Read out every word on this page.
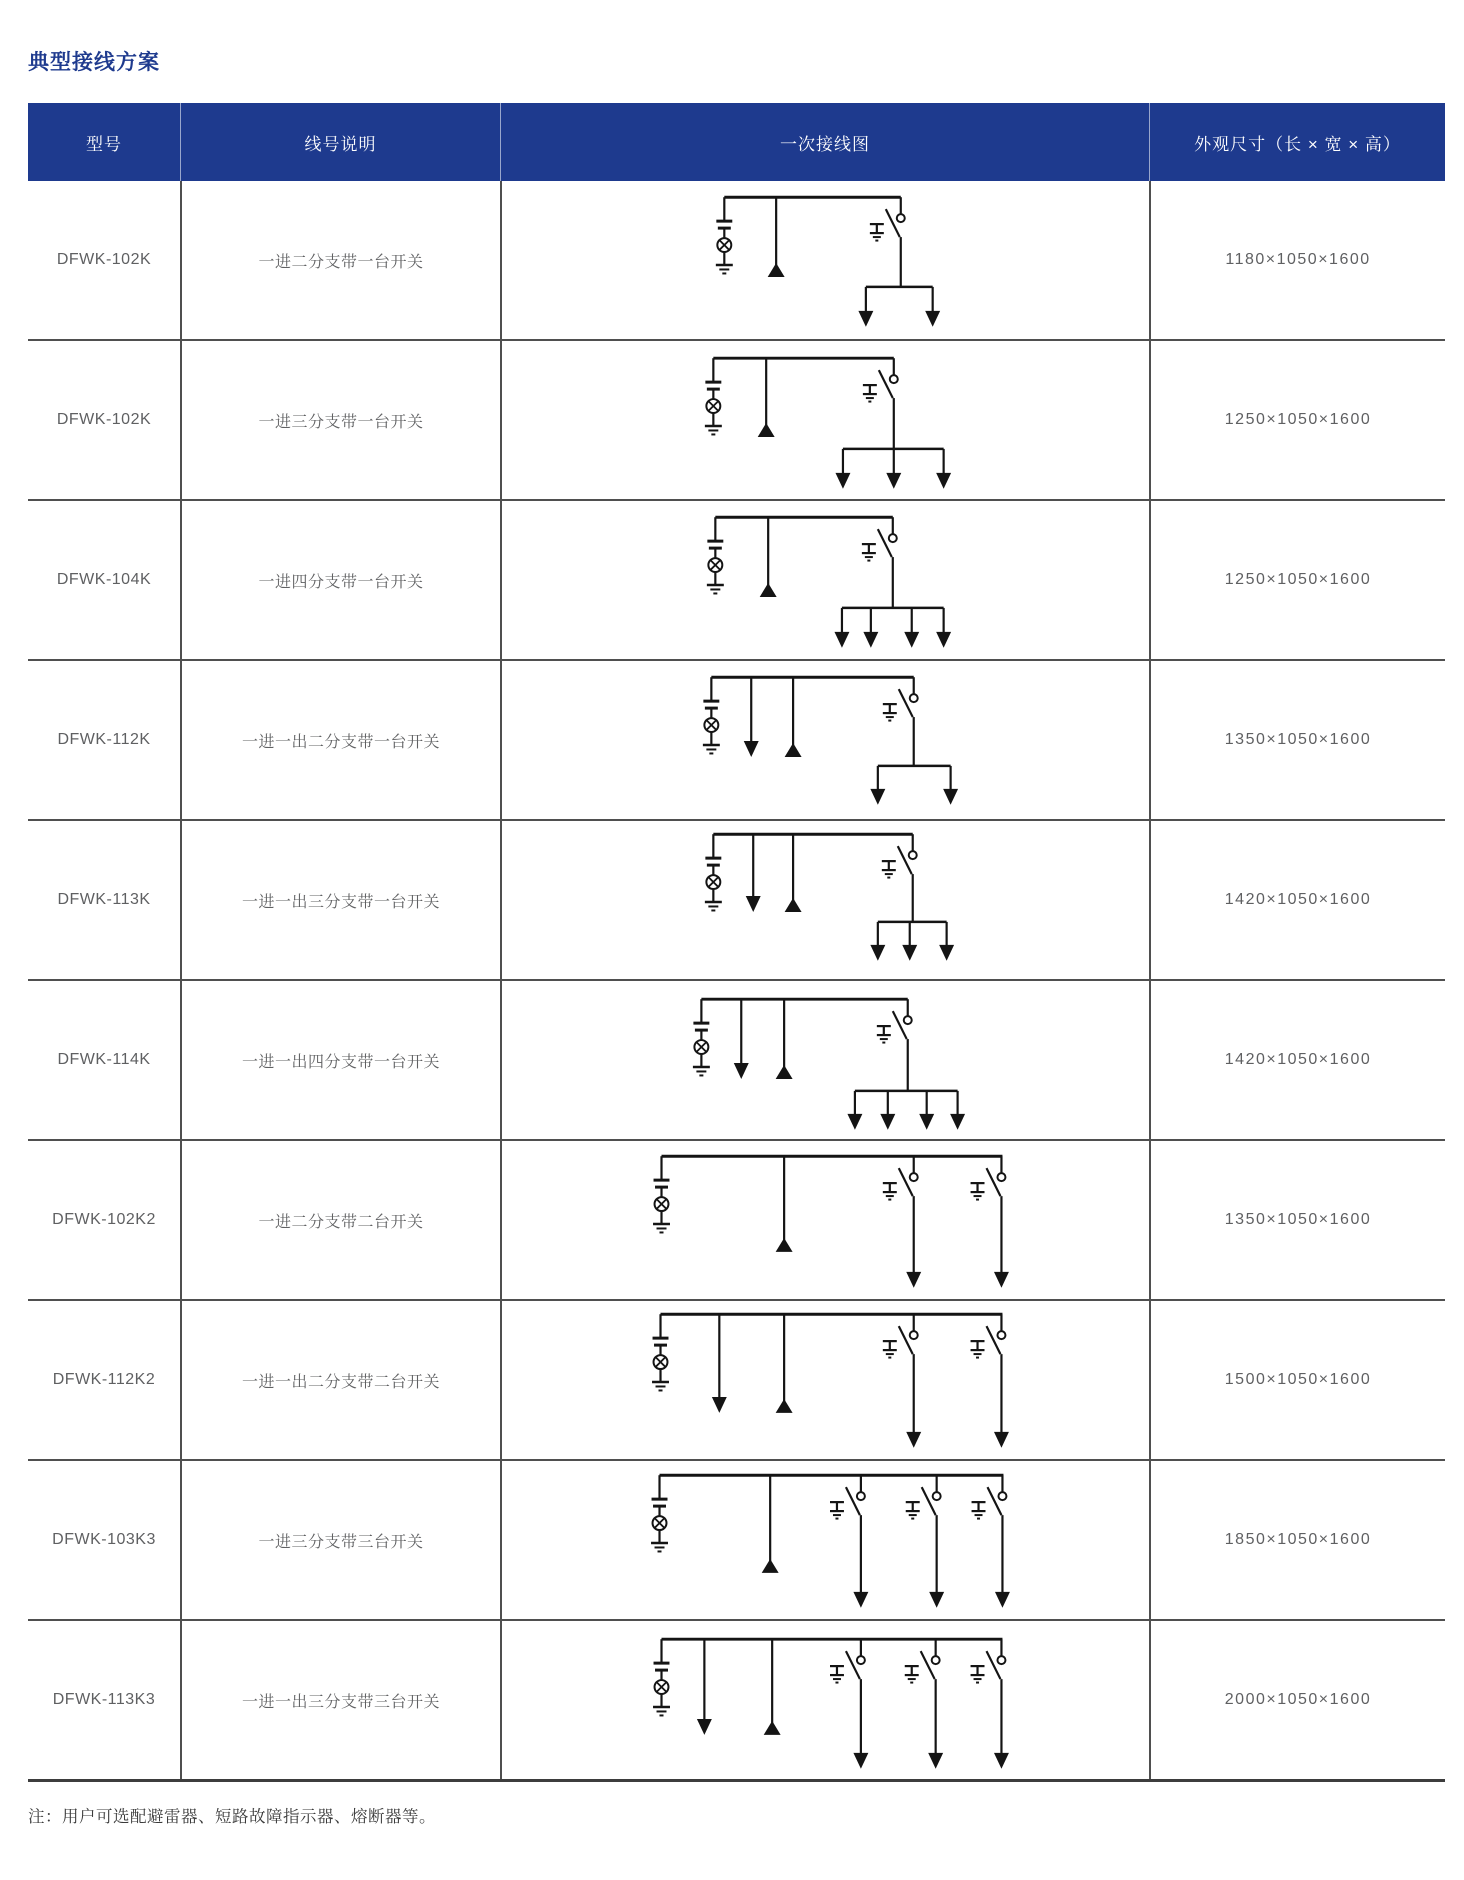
典型接线方案
型号	线号说明	一次接线图	外观尺寸（长 × 宽 × 高）
DFWK-102K	一进二分支带一台开关	1180×1050×1600
DFWK-102K	一进三分支带一台开关	1250×1050×1600
DFWK-104K	一进四分支带一台开关	1250×1050×1600
DFWK-112K	一进一出二分支带一台开关	1350×1050×1600
DFWK-113K	一进一出三分支带一台开关	1420×1050×1600
DFWK-114K	一进一出四分支带一台开关	1420×1050×1600
DFWK-102K2	一进二分支带二台开关	1350×1050×1600
DFWK-112K2	一进一出二分支带二台开关	1500×1050×1600
DFWK-103K3	一进三分支带三台开关	1850×1050×1600
DFWK-113K3	一进一出三分支带三台开关	2000×1050×1600
注：用户可选配避雷器、短路故障指示器、熔断器等。
